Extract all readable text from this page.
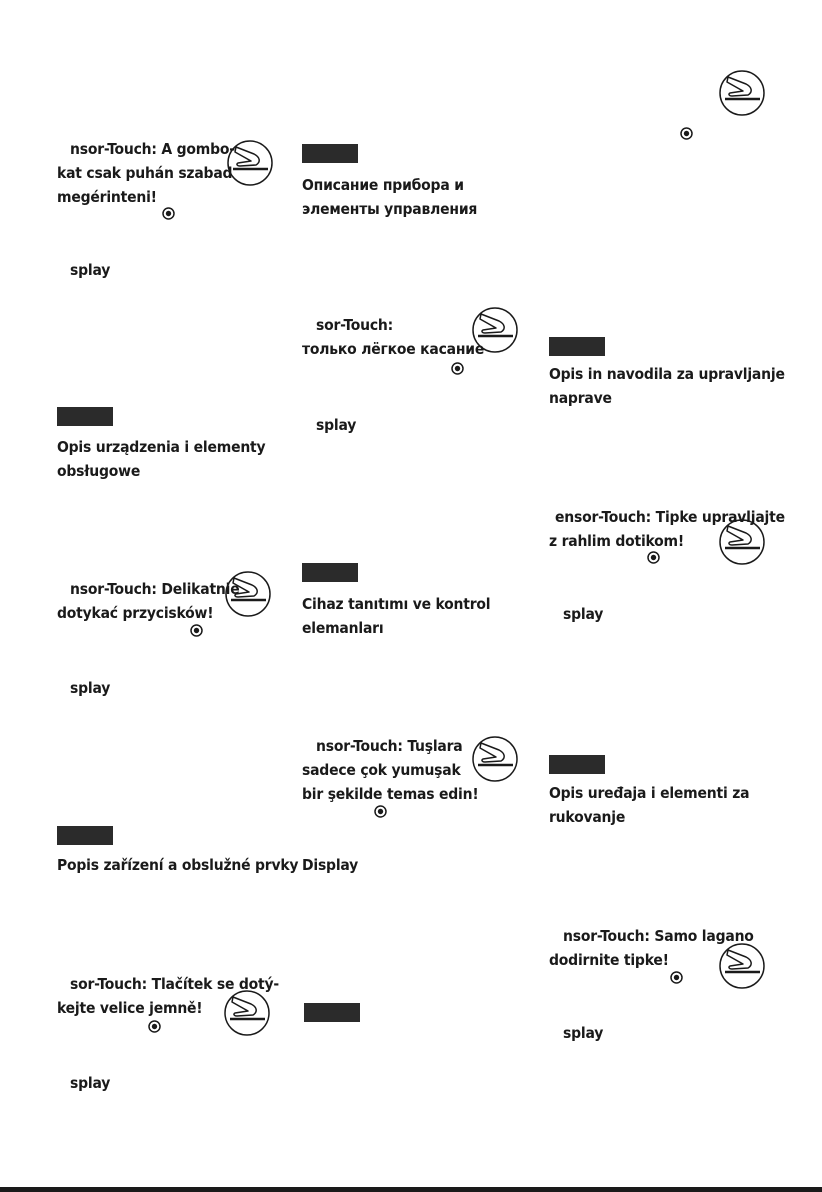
nsor-Touch: A gombo-
kat csak puhán szabad
megérinteni!
splay
Opis urządzenia i elementy
obsługowe
nsor-Touch: Delikatnie
dotykać przycisków!
splay
Popis zařízení a obslužné prvky
sor-Touch: Tlačítek se dotý-
kejte velice jemně!
splay
Описание прибора и
элементы управления
sor-Touch:
только лёгкое касание
splay
Cihaz tanıtımı ve kontrol
elemanları
nsor-Touch: Tuşlara
sadece çok yumuşak
bir şekilde temas edin!
Display
Opis in navodila za upravljanje
naprave
ensor-Touch: Tipke upravljajte
z rahlim dotikom!
splay
Opis uređaja i elementi za
rukovanje
nsor-Touch: Samo lagano
dodirnite tipke!
splay
